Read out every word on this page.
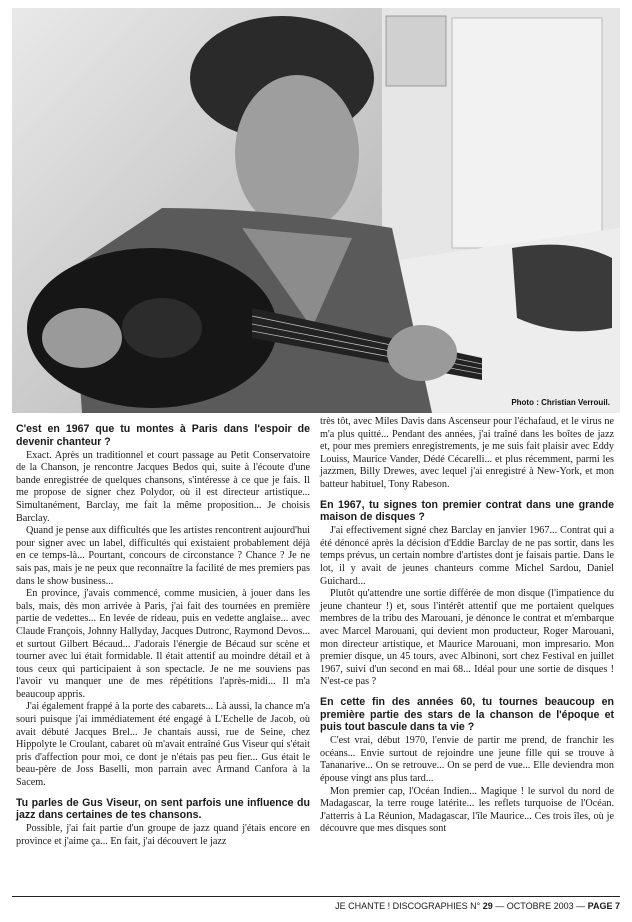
Photo : Christian Verrouil.

C'est en 1967 que tu montes à Paris dans l'espoir de devenir chanteur ?

Exact. Après un traditionnel et court passage au Petit Conservatoire de la Chanson, je rencontre Jacques Bedos qui, suite à l'écoute d'une bande enregistrée de quelques chansons, s'intéresse à ce que je fais. Il me propose de signer chez Polydor, où il est directeur artistique... Simultanément, Barclay, me fait la même proposition... Je choisis Barclay.

Quand je pense aux difficultés que les artistes rencontrent aujourd'hui pour signer avec un label, difficultés qui existaient probablement déjà en ce temps-là... Pourtant, concours de circonstance ? Chance ? Je ne sais pas, mais je ne peux que reconnaître la facilité de mes premiers pas dans le show business...

En province, j'avais commencé, comme musicien, à jouer dans les bals, mais, dès mon arrivée à Paris, j'ai fait des tournées en première partie de vedettes... En levée de rideau, puis en vedette anglaise... avec Claude François, Johnny Hallyday, Jacques Dutronc, Raymond Devos... et surtout Gilbert Bécaud... J'adorais l'énergie de Bécaud sur scène et tourner avec lui était formidable. Il était attentif au moindre détail et à tous ceux qui participaient à son spectacle. Je ne me souviens pas l'avoir vu manquer une de mes répétitions l'après-midi... Il m'a beaucoup appris.

J'ai également frappé à la porte des cabarets... Là aussi, la chance m'a souri puisque j'ai immédiatement été engagé à L'Echelle de Jacob, où avait débuté Jacques Brel... Je chantais aussi, rue de Seine, chez Hippolyte le Croulant, cabaret où m'avait entraîné Gus Viseur qui s'était pris d'affection pour moi, ce dont je n'étais pas peu fier... Gus était le beau-père de Joss Baselli, mon parrain avec Armand Canfora à la Sacem.

Tu parles de Gus Viseur, on sent parfois une influence du jazz dans certaines de tes chansons.

Possible, j'ai fait partie d'un groupe de jazz quand j'étais encore en province et j'aime ça... En fait, j'ai découvert le jazz

très tôt, avec Miles Davis dans Ascenseur pour l'échafaud, et le virus ne m'a plus quitté... Pendant des années, j'ai traîné dans les boîtes de jazz et, pour mes premiers enregistrements, je me suis fait plaisir avec Eddy Louiss, Maurice Vander, Dédé Cécarelli... et plus récemment, parmi les jazzmen, Billy Drewes, avec lequel j'ai enregistré à New-York, et mon batteur habituel, Tony Rabeson.

En 1967, tu signes ton premier contrat dans une grande maison de disques ?

J'ai effectivement signé chez Barclay en janvier 1967... Contrat qui a été dénoncé après la décision d'Eddie Barclay de ne pas sortir, dans les temps prévus, un certain nombre d'artistes dont je faisais partie. Dans le lot, il y avait de jeunes chanteurs comme Michel Sardou, Daniel Guichard...

Plutôt qu'attendre une sortie différée de mon disque (l'impatience du jeune chanteur !) et, sous l'intérêt attentif que me portaient quelques membres de la tribu des Marouani, je dénonce le contrat et m'embarque avec Marcel Marouani, qui devient mon producteur, Roger Marouani, mon directeur artistique, et Maurice Marouani, mon impresario. Mon premier disque, un 45 tours, avec Albinoni, sort chez Festival en juillet 1967, suivi d'un second en mai 68... Idéal pour une sortie de disques ! N'est-ce pas ?

En cette fin des années 60, tu tournes beaucoup en première partie des stars de la chanson de l'époque et puis tout bascule dans ta vie ?

C'est vrai, début 1970, l'envie de partir me prend, de franchir les océans... Envie surtout de rejoindre une jeune fille qui se trouve à Tananarive... On se retrouve... On se perd de vue... Elle deviendra mon épouse vingt ans plus tard...

Mon premier cap, l'Océan Indien... Magique ! le survol du nord de Madagascar, la terre rouge latérite... les reflets turquoise de l'Océan. J'atterris à La Réunion, Madagascar, l'île Maurice... Ces trois îles, où je découvre que mes disques sont

JE CHANTE ! DISCOGRAPHIES N° 29 — OCTOBRE 2003 — PAGE 7
